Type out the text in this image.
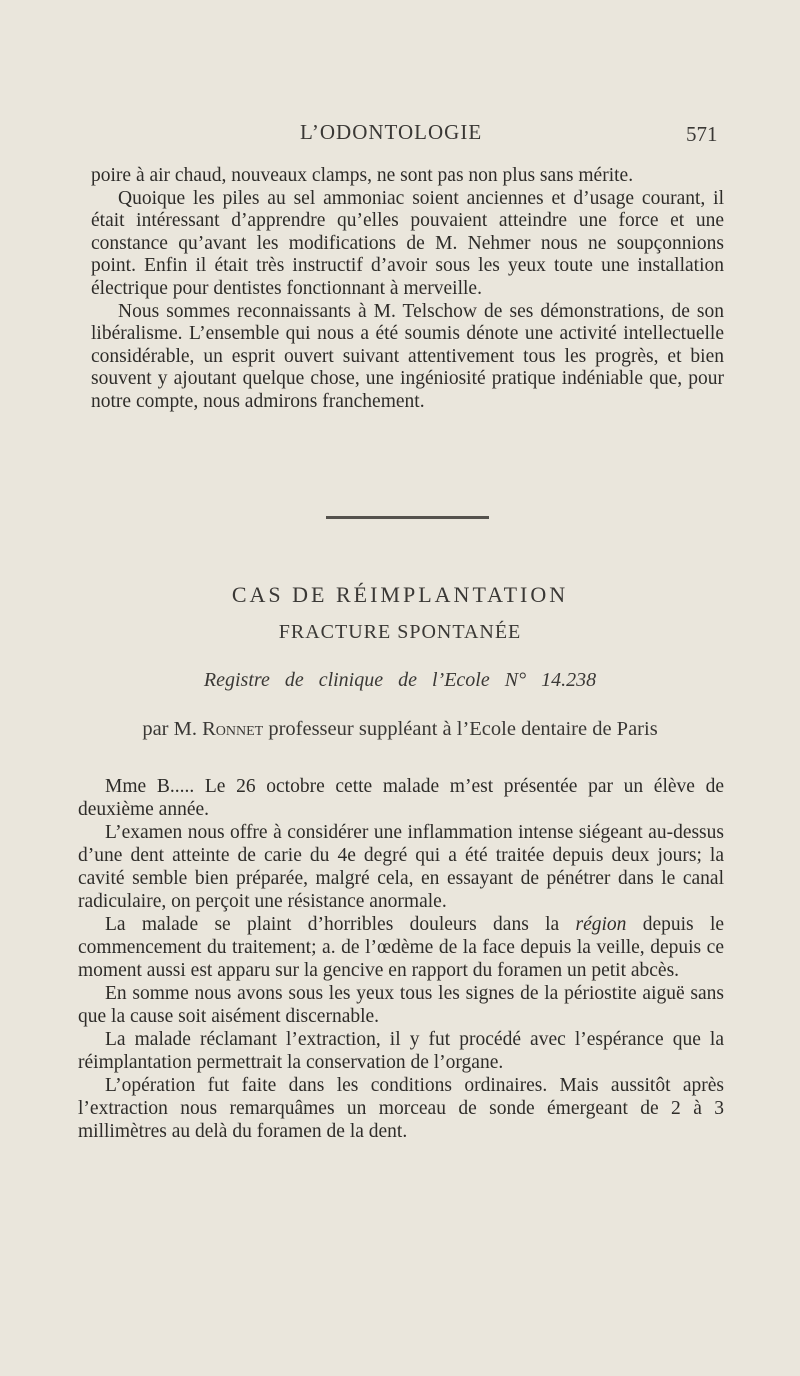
L’ODONTOLOGIE	571

poire à air chaud, nouveaux clamps, ne sont pas non plus sans mérite.

Quoique les piles au sel ammoniac soient anciennes et d’usage courant, il était intéressant d’apprendre qu’elles pouvaient atteindre une force et une constance qu’avant les modifications de M. Nehmer nous ne soupçonnions point. Enfin il était très instructif d’avoir sous les yeux toute une installation électrique pour dentistes fonctionnant à merveille.

Nous sommes reconnaissants à M. Telschow de ses démonstrations, de son libéralisme. L’ensemble qui nous a été soumis dénote une activité intellectuelle considérable, un esprit ouvert suivant attentivement tous les progrès, et bien souvent y ajoutant quelque chose, une ingéniosité pratique indéniable que, pour notre compte, nous admirons franchement.

CAS DE RÉIMPLANTATION
FRACTURE SPONTANÉE
Registre de clinique de l’Ecole N° 14.238
par M. Ronnet professeur suppléant à l’Ecole dentaire de Paris

Mme B..... Le 26 octobre cette malade m’est présentée par un élève de deuxième année.

L’examen nous offre à considérer une inflammation intense siégeant au-dessus d’une dent atteinte de carie du 4e degré qui a été traitée depuis deux jours; la cavité semble bien préparée, malgré cela, en essayant de pénétrer dans le canal radiculaire, on perçoit une résistance anormale.

La malade se plaint d’horribles douleurs dans la région depuis le commencement du traitement; a. de l’œdème de la face depuis la veille, depuis ce moment aussi est apparu sur la gencive en rapport du foramen un petit abcès.

En somme nous avons sous les yeux tous les signes de la périostite aiguë sans que la cause soit aisément discernable.

La malade réclamant l’extraction, il y fut procédé avec l’espérance que la réimplantation permettrait la conservation de l’organe.

L’opération fut faite dans les conditions ordinaires. Mais aussitôt après l’extraction nous remarquâmes un morceau de sonde émergeant de 2 à 3 millimètres au delà du foramen de la dent.
